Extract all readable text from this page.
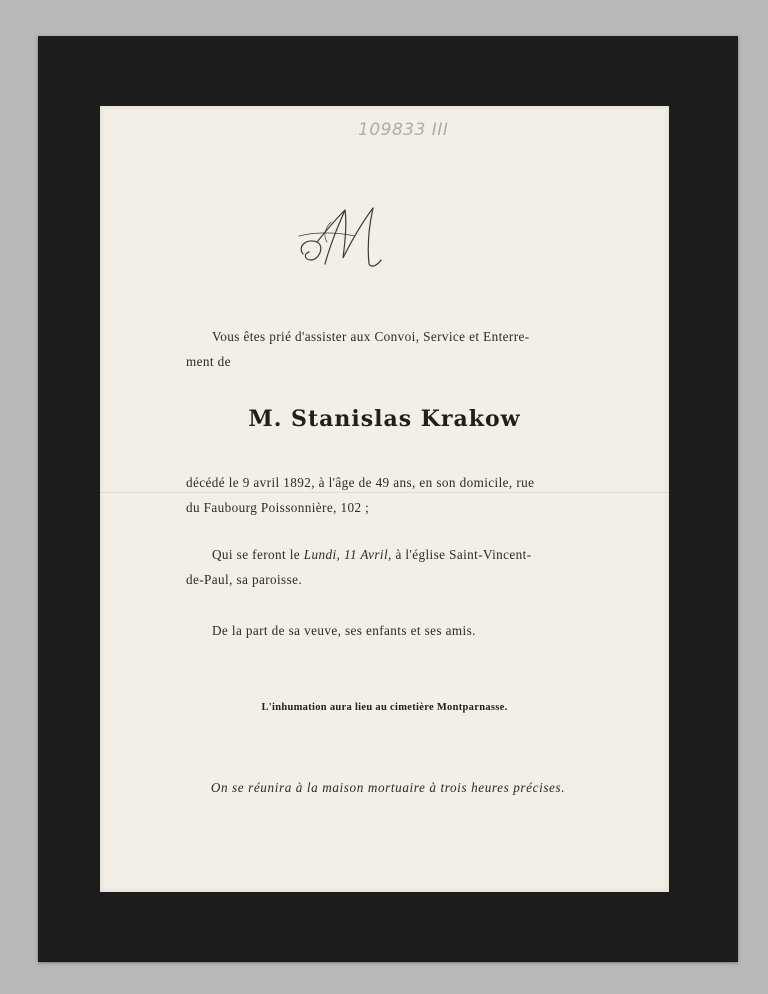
109833 III
Vous êtes prié d'assister aux Convoi, Service et Enterre-
ment de
M. Stanislas Krakow
décédé le 9 avril 1892, à l'âge de 49 ans, en son domicile, rue
du Faubourg Poissonnière, 102 ;
Qui se feront le Lundi, 11 Avril, à l'église Saint-Vincent-
de-Paul, sa paroisse.
De la part de sa veuve, ses enfants et ses amis.
L'inhumation aura lieu au cimetière Montparnasse.
On se réunira à la maison mortuaire à trois heures précises.
